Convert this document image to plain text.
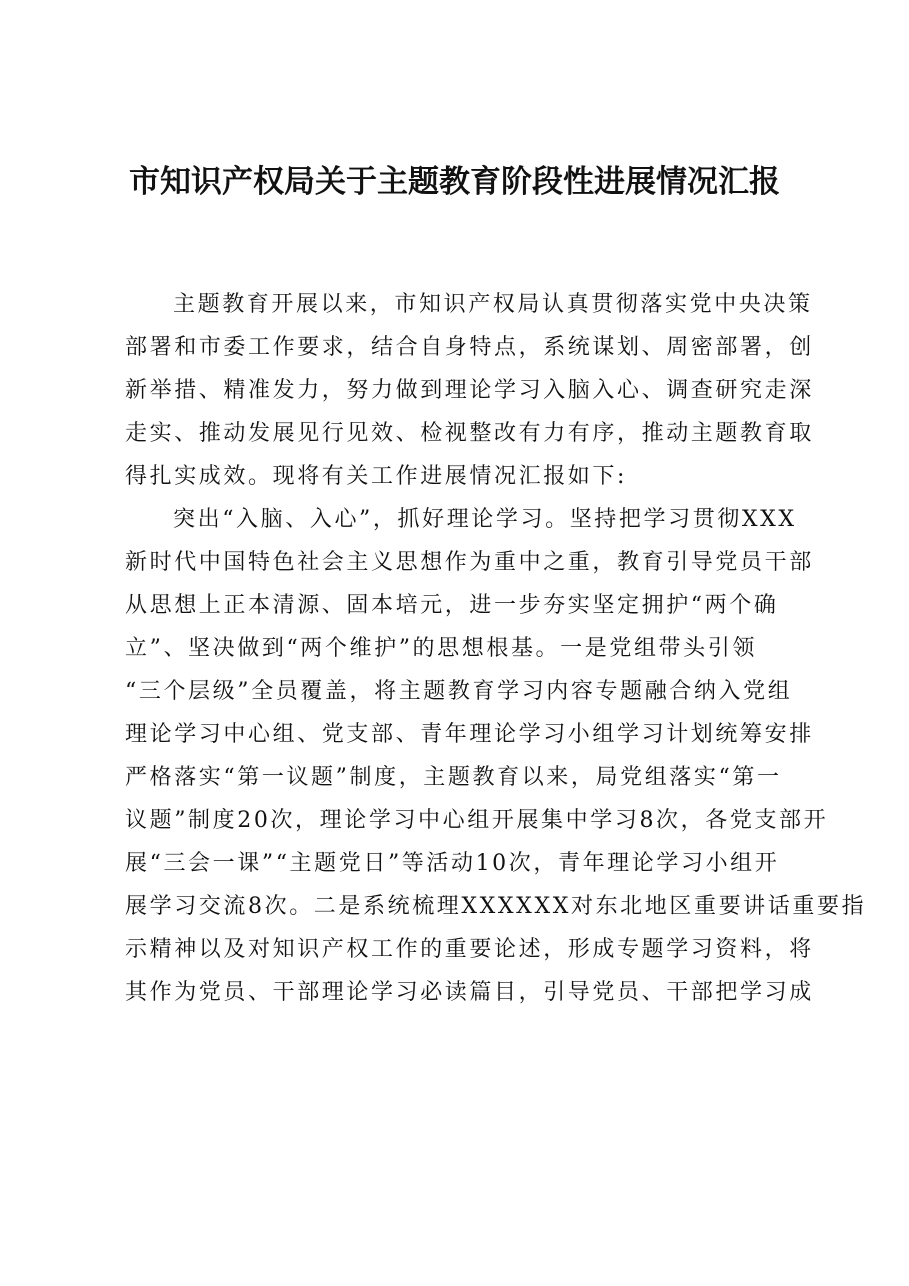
市知识产权局关于主题教育阶段性进展情况汇报
主题教育开展以来，市知识产权局认真贯彻落实党中央决策
部署和市委工作要求，结合自身特点，系统谋划、周密部署，创
新举措、精准发力，努力做到理论学习入脑入心、调查研究走深
走实、推动发展见行见效、检视整改有力有序，推动主题教育取
得扎实成效。现将有关工作进展情况汇报如下:
突出“入脑、入心”，抓好理论学习。坚持把学习贯彻XXX
新时代中国特色社会主义思想作为重中之重，教育引导党员干部
从思想上正本清源、固本培元，进一步夯实坚定拥护“两个确
立”、坚决做到“两个维护”的思想根基。一是党组带头引领
“三个层级”全员覆盖，将主题教育学习内容专题融合纳入党组
理论学习中心组、党支部、青年理论学习小组学习计划统筹安排
严格落实“第一议题”制度，主题教育以来，局党组落实“第一
议题”制度20次，理论学习中心组开展集中学习8次，各党支部开
展“三会一课”“主题党日”等活动10次，青年理论学习小组开
展学习交流8次。二是系统梳理XXXXXX对东北地区重要讲话重要指
示精神以及对知识产权工作的重要论述，形成专题学习资料，将
其作为党员、干部理论学习必读篇目，引导党员、干部把学习成
